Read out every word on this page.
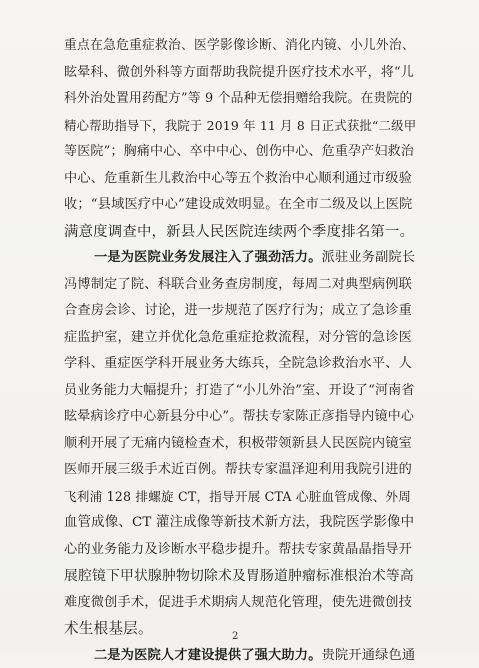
重点在急危重症救治、医学影像诊断、消化内镜、小儿外治、
眩晕科、微创外科等方面帮助我院提升医疗技术水平，将“儿
科外治处置用药配方”等 9 个品种无偿捐赠给我院。在贵院的
精心帮助指导下，我院于 2019 年 11 月 8 日正式获批“二级甲
等医院”；胸痛中心、卒中中心、创伤中心、危重孕产妇救治
中心、危重新生儿救治中心等五个救治中心顺利通过市级验
收；“县域医疗中心”建设成效明显。在全市二级及以上医院
满意度调查中，新县人民医院连续两个季度排名第一。
一是为医院业务发展注入了强劲活力。派驻业务副院长
冯博制定了院、科联合业务查房制度，每周二对典型病例联
合查房会诊、讨论，进一步规范了医疗行为；成立了急诊重
症监护室，建立并优化急危重症抢救流程，对分管的急诊医
学科、重症医学科开展业务大练兵，全院急诊救治水平、人
员业务能力大幅提升；打造了“小儿外治”室、开设了“河南省
眩晕病诊疗中心新县分中心”。帮扶专家陈正彦指导内镜中心
顺利开展了无痛内镜检查术，积极带领新县人民医院内镜室
医师开展三级手术近百例。帮扶专家温泽迎利用我院引进的
飞利浦 128 排螺旋 CT，指导开展 CTA 心脏血管成像、外周
血管成像、CT 灌注成像等新技术新方法，我院医学影像中
心的业务能力及诊断水平稳步提升。帮扶专家黄晶晶指导开
展腔镜下甲状腺肿物切除术及胃肠道肿瘤标准根治术等高
难度微创手术，促进手术期病人规范化管理，使先进微创技
术生根基层。
二是为医院人才建设提供了强大助力。贵院开通绿色通
2
